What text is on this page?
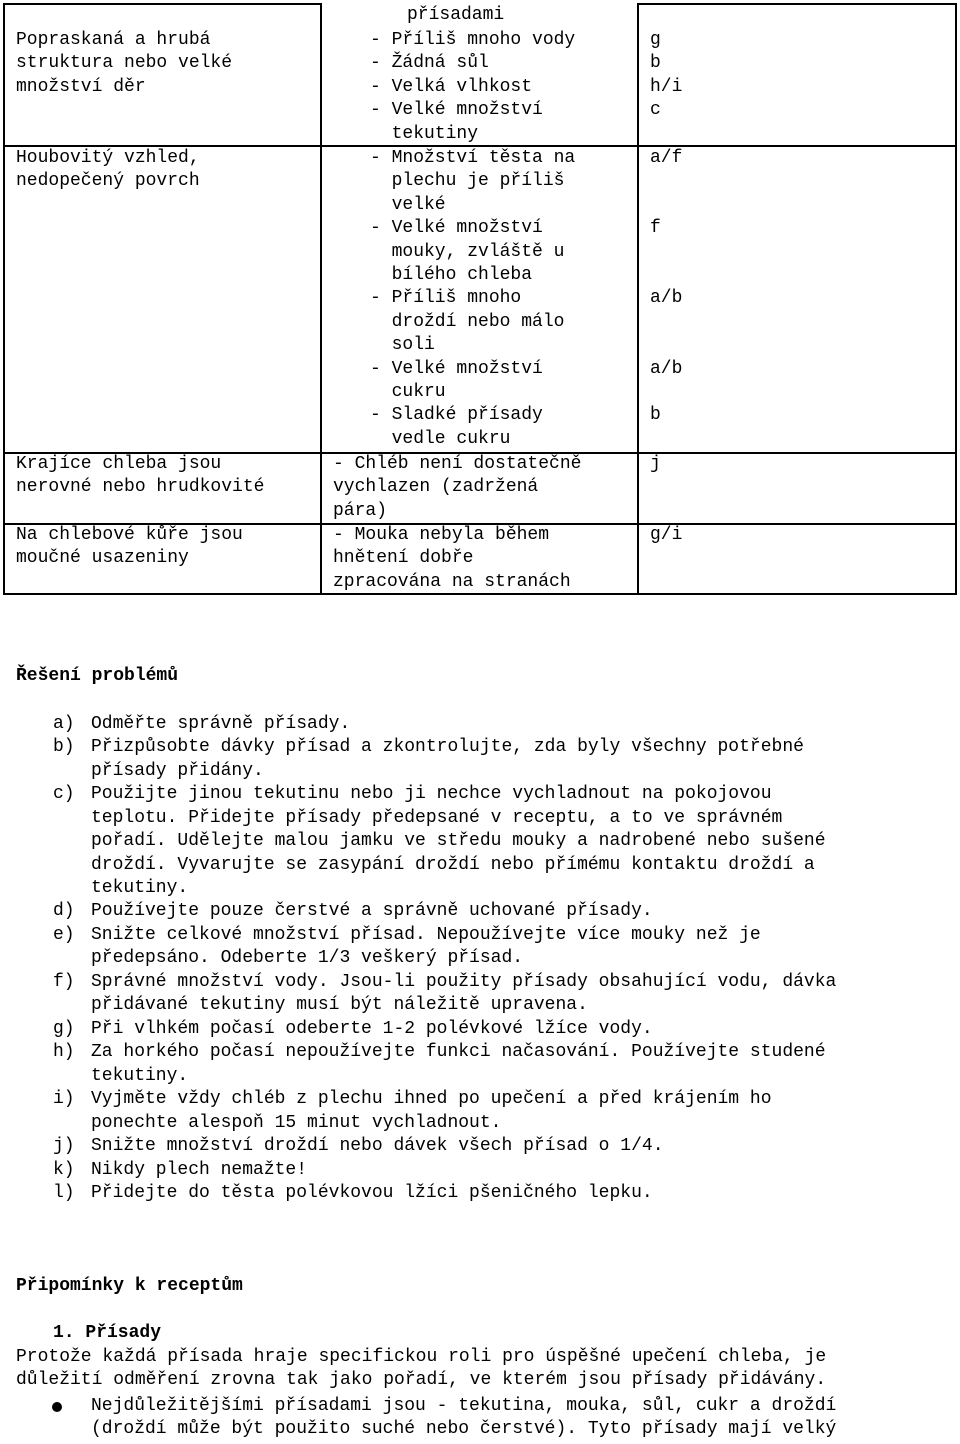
Popraskaná a hrubá
struktura nebo velké
množství děr
přísadami
- Příliš mnoho vody
- Žádná sůl
- Velká vlhkost
- Velké množství
tekutiny
g
b
h/i
c
Houbovitý vzhled,
nedopečený povrch
- Množství těsta na
plechu je příliš
velké
- Velké množství
mouky, zvláště u
bílého chleba
- Příliš mnoho
droždí nebo málo
soli
- Velké množství
cukru
- Sladké přísady
vedle cukru
a/f
f
a/b
a/b
b
Krajíce chleba jsou
nerovné nebo hrudkovité
- Chléb není dostatečně
vychlazen (zadržená
pára)
j
Na chlebové kůře jsou
moučné usazeniny
- Mouka nebyla během
hnětení dobře
zpracována na stranách
g/i
Řešení problémů
a) Odměřte správně přísady.
b) Přizpůsobte dávky přísad a zkontrolujte, zda byly všechny potřebné
přísady přidány.
c) Použijte jinou tekutinu nebo ji nechce vychladnout na pokojovou
teplotu. Přidejte přísady předepsané v receptu, a to ve správném
pořadí. Udělejte malou jamku ve středu mouky a nadrobené nebo sušené
droždí. Vyvarujte se zasypání droždí nebo přímému kontaktu droždí a
tekutiny.
d) Používejte pouze čerstvé a správně uchované přísady.
e) Snižte celkové množství přísad. Nepoužívejte více mouky než je
předepsáno. Odeberte 1/3 veškerý přísad.
f) Správné množství vody. Jsou-li použity přísady obsahující vodu, dávka
přidávané tekutiny musí být náležitě upravena.
g) Při vlhkém počasí odeberte 1-2 polévkové lžíce vody.
h) Za horkého počasí nepoužívejte funkci načasování. Používejte studené
tekutiny.
i) Vyjměte vždy chléb z plechu ihned po upečení a před krájením ho
ponechte alespoň 15 minut vychladnout.
j) Snižte množství droždí nebo dávek všech přísad o 1/4.
k) Nikdy plech nemažte!
l) Přidejte do těsta polévkovou lžíci pšeničného lepku.
Připomínky k receptům
1. Přísady
Protože každá přísada hraje specifickou roli pro úspěšné upečení chleba, je
důležití odměření zrovna tak jako pořadí, ve kterém jsou přísady přidávány.
Nejdůležitějšími přísadami jsou - tekutina, mouka, sůl, cukr a droždí
(droždí může být použito suché nebo čerstvé). Tyto přísady mají velký
